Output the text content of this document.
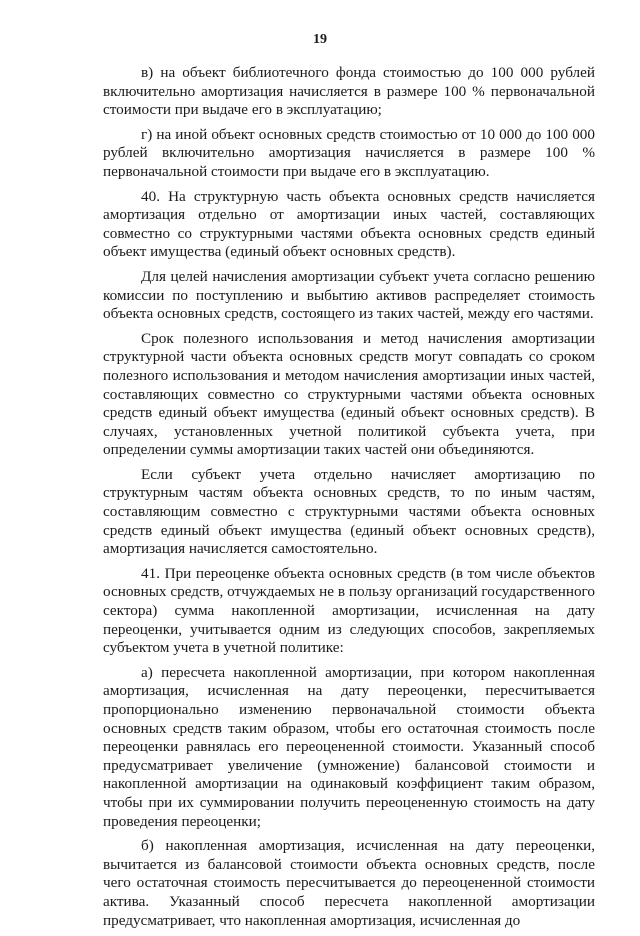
19

в) на объект библиотечного фонда стоимостью до 100 000 рублей включительно амортизация начисляется в размере 100 % первоначальной стоимости при выдаче его в эксплуатацию;

г) на иной объект основных средств стоимостью от 10 000 до 100 000 рублей включительно амортизация начисляется в размере 100 % первоначальной стоимости при выдаче его в эксплуатацию.

40. На структурную часть объекта основных средств начисляется амортизация отдельно от амортизации иных частей, составляющих совместно со структурными частями объекта основных средств единый объект имущества (единый объект основных средств).

Для целей начисления амортизации субъект учета согласно решению комиссии по поступлению и выбытию активов распределяет стоимость объекта основных средств, состоящего из таких частей, между его частями.

Срок полезного использования и метод начисления амортизации структурной части объекта основных средств могут совпадать со сроком полезного использования и методом начисления амортизации иных частей, составляющих совместно со структурными частями объекта основных средств единый объект имущества (единый объект основных средств). В случаях, установленных учетной политикой субъекта учета, при определении суммы амортизации таких частей они объединяются.

Если субъект учета отдельно начисляет амортизацию по структурным частям объекта основных средств, то по иным частям, составляющим совместно с структурными частями объекта основных средств единый объект имущества (единый объект основных средств), амортизация начисляется самостоятельно.

41. При переоценке объекта основных средств (в том числе объектов основных средств, отчуждаемых не в пользу организаций государственного сектора) сумма накопленной амортизации, исчисленная на дату переоценки, учитывается одним из следующих способов, закрепляемых субъектом учета в учетной политике:

а) пересчета накопленной амортизации, при котором накопленная амортизация, исчисленная на дату переоценки, пересчитывается пропорционально изменению первоначальной стоимости объекта основных средств таким образом, чтобы его остаточная стоимость после переоценки равнялась его переоцененной стоимости. Указанный способ предусматривает увеличение (умножение) балансовой стоимости и накопленной амортизации на одинаковый коэффициент таким образом, чтобы при их суммировании получить переоцененную стоимость на дату проведения переоценки;

б) накопленная амортизация, исчисленная на дату переоценки, вычитается из балансовой стоимости объекта основных средств, после чего остаточная стоимость пересчитывается до переоцененной стоимости актива. Указанный способ пересчета накопленной амортизации предусматривает, что накопленная амортизация, исчисленная до
